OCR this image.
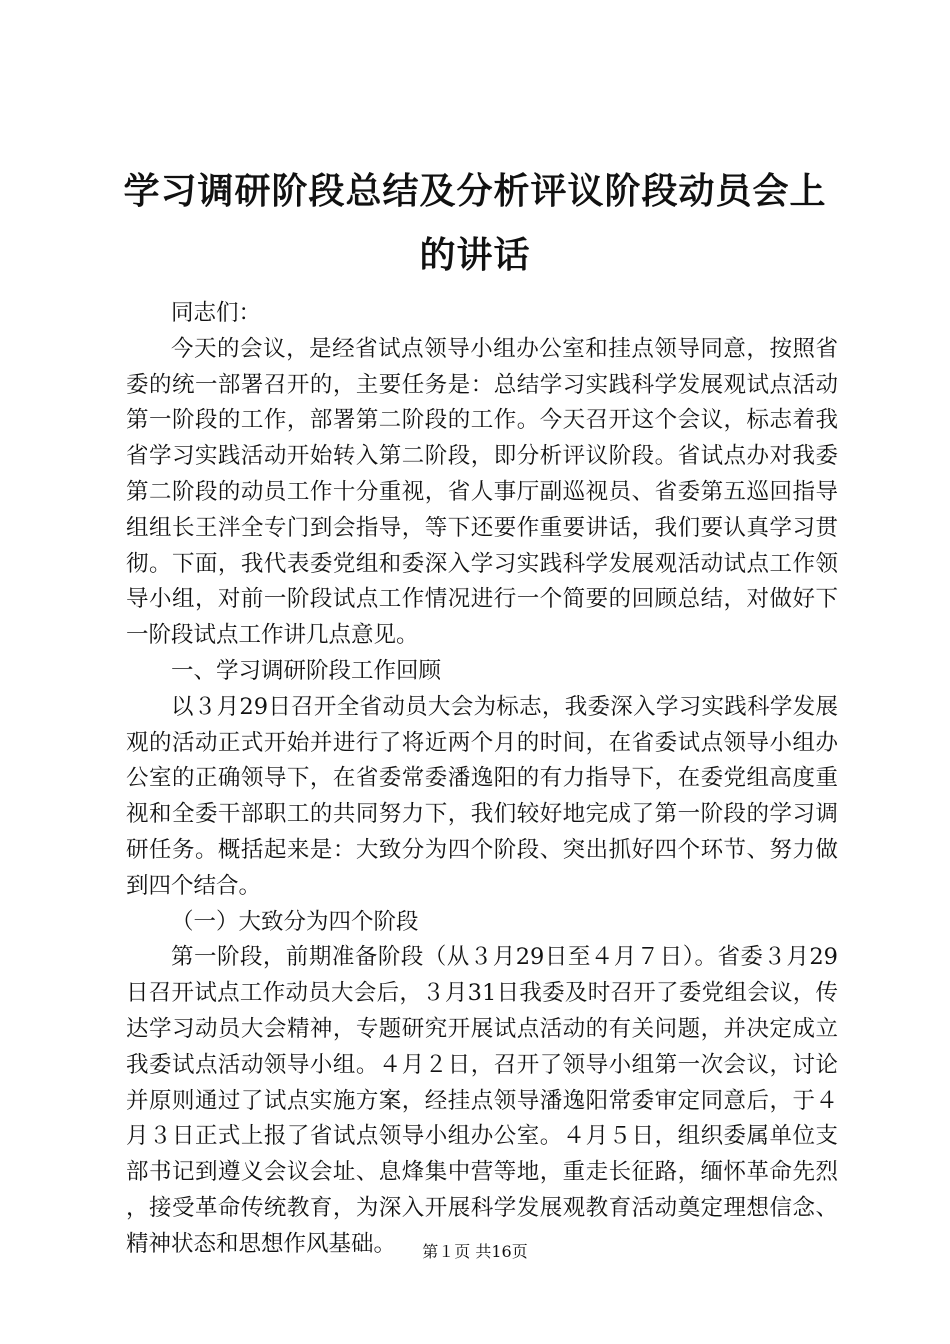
学习调研阶段总结及分析评议阶段动员会上的讲话

同志们：

今天的会议，是经省试点领导小组办公室和挂点领导同意，按照省委的统一部署召开的，主要任务是：总结学习实践科学发展观试点活动第一阶段的工作，部署第二阶段的工作。今天召开这个会议，标志着我省学习实践活动开始转入第二阶段，即分析评议阶段。省试点办对我委第二阶段的动员工作十分重视，省人事厅副巡视员、省委第五巡回指导组组长王泮全专门到会指导，等下还要作重要讲话，我们要认真学习贯彻。下面，我代表委党组和委深入学习实践科学发展观活动试点工作领导小组，对前一阶段试点工作情况进行一个简要的回顾总结，对做好下一阶段试点工作讲几点意见。

一、学习调研阶段工作回顾

以３月29日召开全省动员大会为标志，我委深入学习实践科学发展观的活动正式开始并进行了将近两个月的时间，在省委试点领导小组办公室的正确领导下，在省委常委潘逸阳的有力指导下，在委党组高度重视和全委干部职工的共同努力下，我们较好地完成了第一阶段的学习调研任务。概括起来是：大致分为四个阶段、突出抓好四个环节、努力做到四个结合。

（一）大致分为四个阶段

第一阶段，前期准备阶段（从３月29日至４月７日）。省委３月29日召开试点工作动员大会后，３月31日我委及时召开了委党组会议，传达学习动员大会精神，专题研究开展试点活动的有关问题，并决定成立我委试点活动领导小组。４月２日，召开了领导小组第一次会议，讨论并原则通过了试点实施方案，经挂点领导潘逸阳常委审定同意后，于４月３日正式上报了省试点领导小组办公室。４月５日，组织委属单位支部书记到遵义会议会址、息烽集中营等地，重走长征路，缅怀革命先烈，接受革命传统教育，为深入开展科学发展观教育活动奠定理想信念、精神状态和思想作风基础。	第１页 共16页
